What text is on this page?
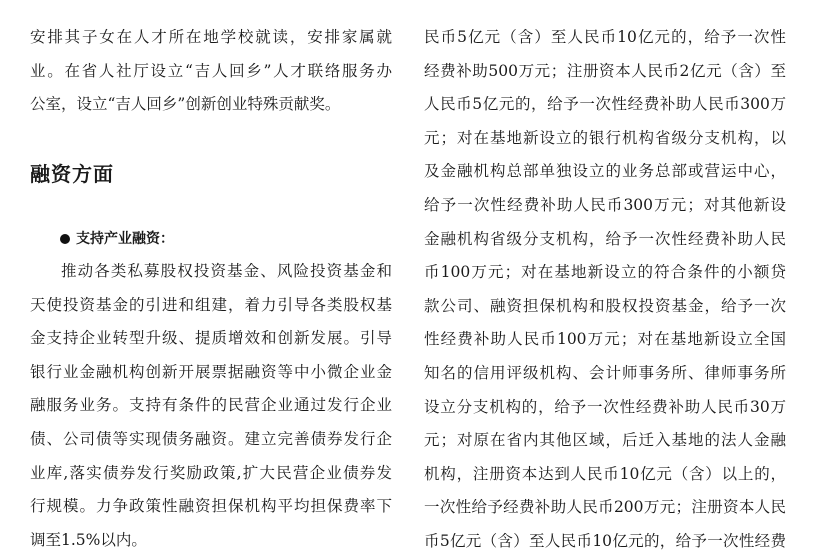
安排其子女在人才所在地学校就读，安排家属就
业。在省人社厅设立“吉人回乡”人才联络服务办
公室，设立“吉人回乡”创新创业特殊贡献奖。
融资方面
支持产业融资：
推动各类私募股权投资基金、风险投资基金和
天使投资基金的引进和组建，着力引导各类股权基
金支持企业转型升级、提质增效和创新发展。引导
银行业金融机构创新开展票据融资等中小微企业金
融服务业务。支持有条件的民营企业通过发行企业
债、公司债等实现债务融资。建立完善债券发行企
业库,落实债券发行奖励政策,扩大民营企业债券发
行规模。力争政策性融资担保机构平均担保费率下
调至1.5%以内。
民币5亿元（含）至人民币10亿元的，给予一次性
经费补助500万元；注册资本人民币2亿元（含）至
人民币5亿元的，给予一次性经费补助人民币300万
元；对在基地新设立的银行机构省级分支机构，以
及金融机构总部单独设立的业务总部或营运中心，
给予一次性经费补助人民币300万元；对其他新设
金融机构省级分支机构，给予一次性经费补助人民
币100万元；对在基地新设立的符合条件的小额贷
款公司、融资担保机构和股权投资基金，给予一次
性经费补助人民币100万元；对在基地新设立全国
知名的信用评级机构、会计师事务所、律师事务所
设立分支机构的，给予一次性经费补助人民币30万
元；对原在省内其他区域，后迁入基地的法人金融
机构，注册资本达到人民币10亿元（含）以上的，
一次性给予经费补助人民币200万元；注册资本人民
币5亿元（含）至人民币10亿元的，给予一次性经费
